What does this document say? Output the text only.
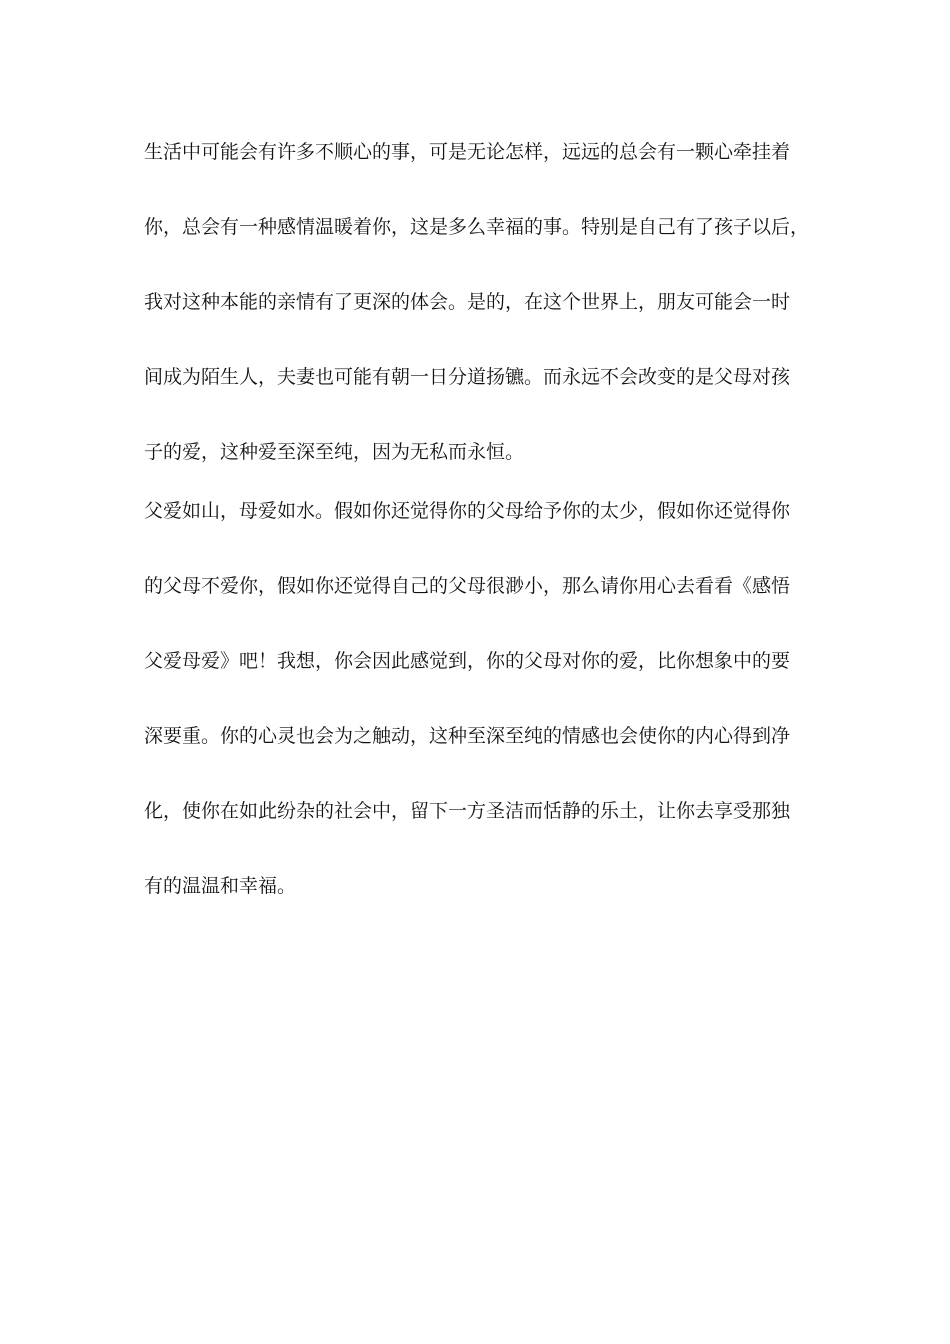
生活中可能会有许多不顺心的事，可是无论怎样，远远的总会有一颗心牵挂着
你，总会有一种感情温暖着你，这是多么幸福的事。特别是自己有了孩子以后，
我对这种本能的亲情有了更深的体会。是的，在这个世界上，朋友可能会一时
间成为陌生人，夫妻也可能有朝一日分道扬镳。而永远不会改变的是父母对孩
子的爱，这种爱至深至纯，因为无私而永恒。
父爱如山，母爱如水。假如你还觉得你的父母给予你的太少，假如你还觉得你
的父母不爱你，假如你还觉得自己的父母很渺小，那么请你用心去看看《感悟
父爱母爱》吧！我想，你会因此感觉到，你的父母对你的爱，比你想象中的要
深要重。你的心灵也会为之触动，这种至深至纯的情感也会使你的内心得到净
化，使你在如此纷杂的社会中，留下一方圣洁而恬静的乐土，让你去享受那独
有的温温和幸福。
